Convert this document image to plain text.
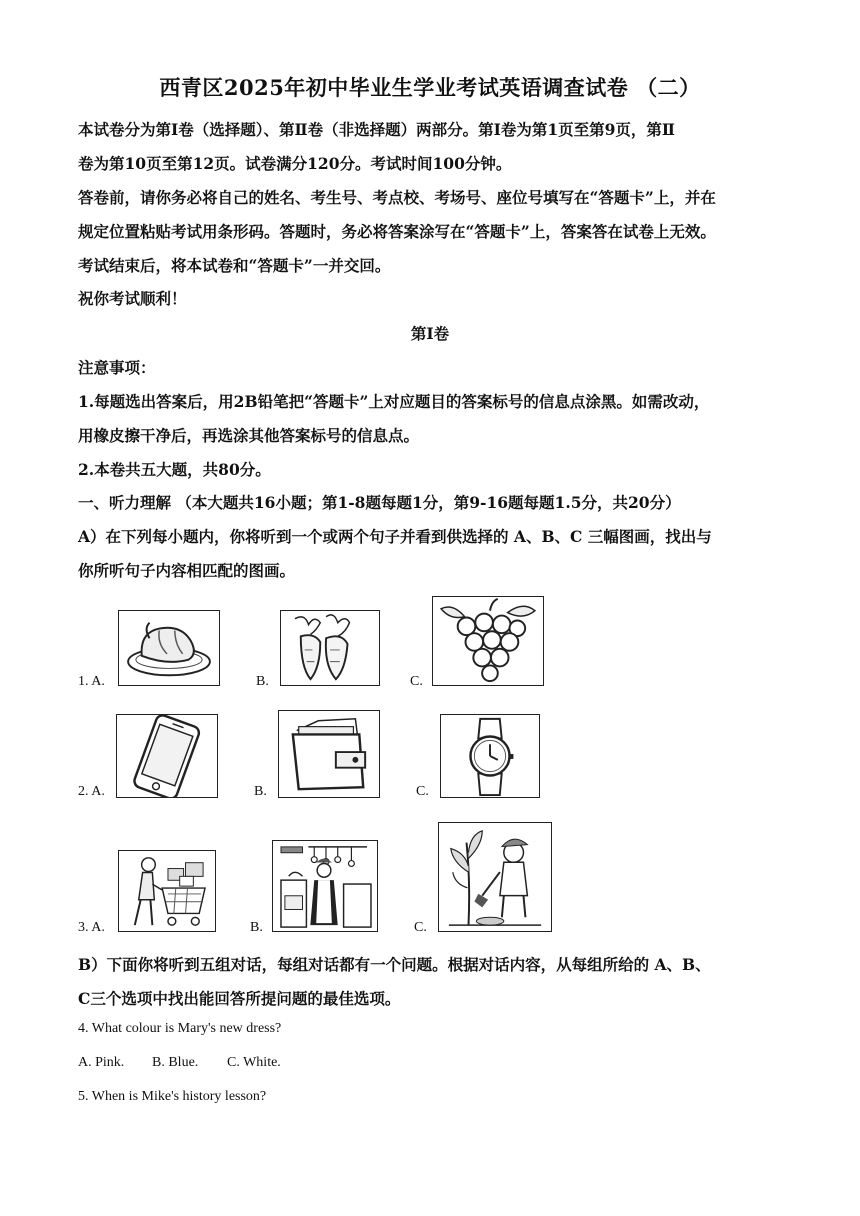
西青区2025年初中毕业生学业考试英语调查试卷 （二）
本试卷分为第Ⅰ卷（选择题）、第Ⅱ卷（非选择题）两部分。第Ⅰ卷为第1页至第9页，第Ⅱ
卷为第10页至第12页。试卷满分120分。考试时间100分钟。
答卷前，请你务必将自己的姓名、考生号、考点校、考场号、座位号填写在“答题卡”上，并在
规定位置粘贴考试用条形码。答题时，务必将答案涂写在“答题卡”上，答案答在试卷上无效。
考试结束后，将本试卷和“答题卡”一并交回。
祝你考试顺利！
第Ⅰ卷
注意事项：
1.每题选出答案后，用2B铅笔把“答题卡”上对应题目的答案标号的信息点涂黑。如需改动，
用橡皮擦干净后，再选涂其他答案标号的信息点。
2.本卷共五大题，共80分。
一、听力理解 （本大题共16小题；第1-8题每题1分，第9-16题每题1.5分，共20分）
A）在下列每小题内，你将听到一个或两个句子并看到供选择的 A、B、C 三幅图画，找出与
你所听句子内容相匹配的图画。
1. A.	B.	C.
2. A.	B.	C.
3. A.	B.	C.
B）下面你将听到五组对话，每组对话都有一个问题。根据对话内容，从每组所给的 A、B、
C三个选项中找出能回答所提问题的最佳选项。
4. What colour is Mary's new dress?
A. Pink. B. Blue. C. White.
5. When is Mike's history lesson?
